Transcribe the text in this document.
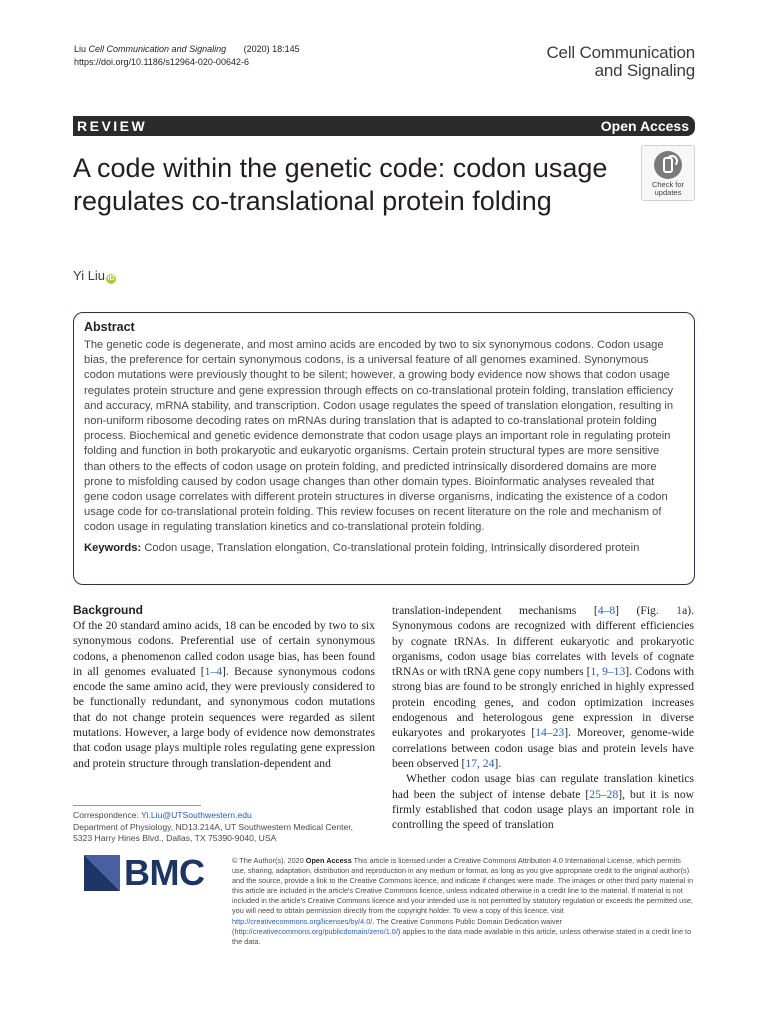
Liu Cell Communication and Signaling (2020) 18:145
https://doi.org/10.1186/s12964-020-00642-6	Cell Communication
and Signaling
REVIEW	Open Access
A code within the genetic code: codon usage regulates co-translational protein folding
Check for
updates
Yi Liu iD
Abstract

The genetic code is degenerate, and most amino acids are encoded by two to six synonymous codons. Codon usage bias, the preference for certain synonymous codons, is a universal feature of all genomes examined. Synonymous codon mutations were previously thought to be silent; however, a growing body evidence now shows that codon usage regulates protein structure and gene expression through effects on co-translational protein folding, translation efficiency and accuracy, mRNA stability, and transcription. Codon usage regulates the speed of translation elongation, resulting in non-uniform ribosome decoding rates on mRNAs during translation that is adapted to co-translational protein folding process. Biochemical and genetic evidence demonstrate that codon usage plays an important role in regulating protein folding and function in both prokaryotic and eukaryotic organisms. Certain protein structural types are more sensitive than others to the effects of codon usage on protein folding, and predicted intrinsically disordered domains are more prone to misfolding caused by codon usage changes than other domain types. Bioinformatic analyses revealed that gene codon usage correlates with different protein structures in diverse organisms, indicating the existence of a codon usage code for co-translational protein folding. This review focuses on recent literature on the role and mechanism of codon usage in regulating translation kinetics and co-translational protein folding.

Keywords: Codon usage, Translation elongation, Co-translational protein folding, Intrinsically disordered protein
Background

Of the 20 standard amino acids, 18 can be encoded by two to six synonymous codons. Preferential use of certain synonymous codons, a phenomenon called codon usage bias, has been found in all genomes evaluated [1–4]. Because synonymous codons encode the same amino acid, they were previously considered to be functionally redundant, and synonymous codon mutations that do not change protein sequences were regarded as silent mutations. However, a large body of evidence now demonstrates that codon usage plays multiple roles regulating gene expression and protein structure through translation-dependent and

translation-independent mechanisms [4–8] (Fig. 1a). Synonymous codons are recognized with different efficiencies by cognate tRNAs. In different eukaryotic and prokaryotic organisms, codon usage bias correlates with levels of cognate tRNAs or with tRNA gene copy numbers [1, 9–13]. Codons with strong bias are found to be strongly enriched in highly expressed protein encoding genes, and codon optimization increases endogenous and heterologous gene expression in diverse eukaryotes and prokaryotes [14–23]. Moreover, genome-wide correlations between codon usage bias and protein levels have been observed [17, 24].

Whether codon usage bias can regulate translation kinetics had been the subject of intense debate [25–28], but it is now firmly established that codon usage plays an important role in controlling the speed of translation

Correspondence: Yi.Liu@UTSouthwestern.edu
Department of Physiology, ND13.214A, UT Southwestern Medical Center,
5323 Harry Hines Blvd., Dallas, TX 75390-9040, USA
BMC	© The Author(s). 2020 Open Access This article is licensed under a Creative Commons Attribution 4.0 International License, which permits use, sharing, adaptation, distribution and reproduction in any medium or format, as long as you give appropriate credit to the original author(s) and the source, provide a link to the Creative Commons licence, and indicate if changes were made. The images or other third party material in this article are included in the article's Creative Commons licence, unless indicated otherwise in a credit line to the material. If material is not included in the article's Creative Commons licence and your intended use is not permitted by statutory regulation or exceeds the permitted use, you will need to obtain permission directly from the copyright holder. To view a copy of this licence, visit http://creativecommons.org/licenses/by/4.0/. The Creative Commons Public Domain Dedication waiver (http://creativecommons.org/publicdomain/zero/1.0/) applies to the data made available in this article, unless otherwise stated in a credit line to the data.
